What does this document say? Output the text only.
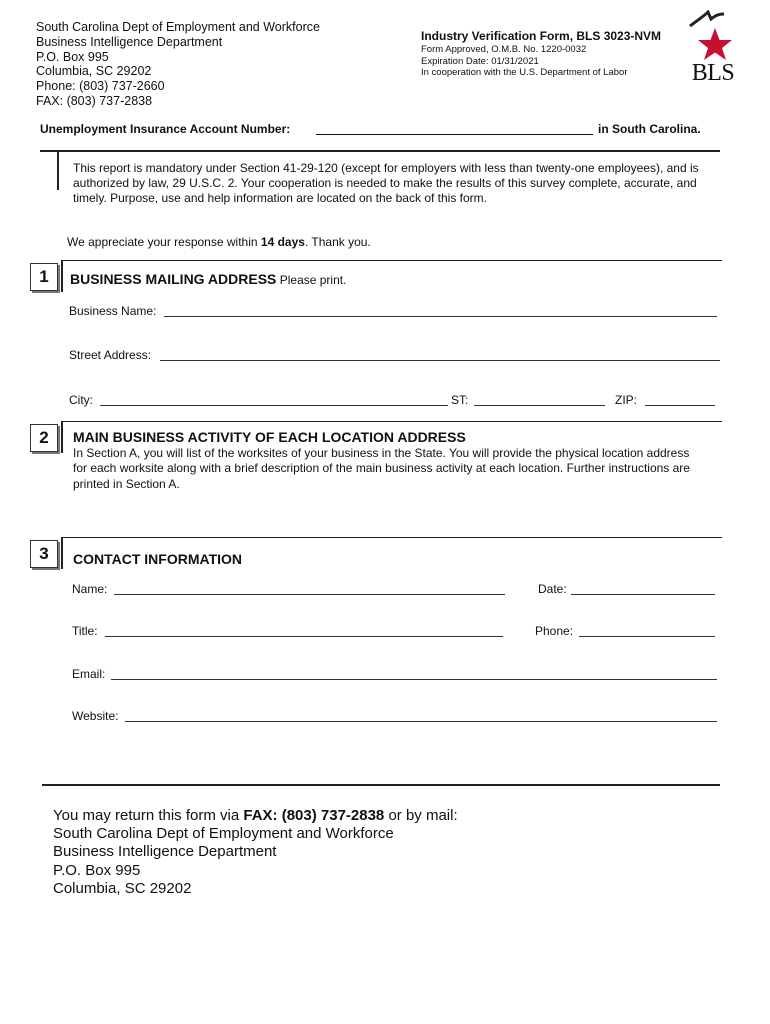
South Carolina Dept of Employment and Workforce
Business Intelligence Department
P.O. Box 995
Columbia, SC 29202
Phone: (803) 737-2660
FAX: (803) 737-2838
Industry Verification Form, BLS 3023-NVM
Form Approved, O.M.B. No. 1220-0032
Expiration Date: 01/31/2021
In cooperation with the U.S. Department of Labor	BLS
Unemployment Insurance Account Number:	in South Carolina.
This report is mandatory under Section 41-29-120 (except for employers with less than twenty-one employees), and is authorized by law, 29 U.S.C. 2. Your cooperation is needed to make the results of this survey complete, accurate, and timely. Purpose, use and help information are located on the back of this form.
We appreciate your response within 14 days. Thank you.
1	BUSINESS MAILING ADDRESS Please print.
Business Name:
Street Address:
City:	ST:	ZIP:
2	MAIN BUSINESS ACTIVITY OF EACH LOCATION ADDRESS
In Section A, you will list of the worksites of your business in the State. You will provide the physical location address for each worksite along with a brief description of the main business activity at each location. Further instructions are printed in Section A.
3	CONTACT INFORMATION
Name:	Date:
Title:	Phone:
Email:
Website:
You may return this form via FAX: (803) 737-2838 or by mail:
South Carolina Dept of Employment and Workforce
Business Intelligence Department
P.O. Box 995
Columbia, SC 29202
